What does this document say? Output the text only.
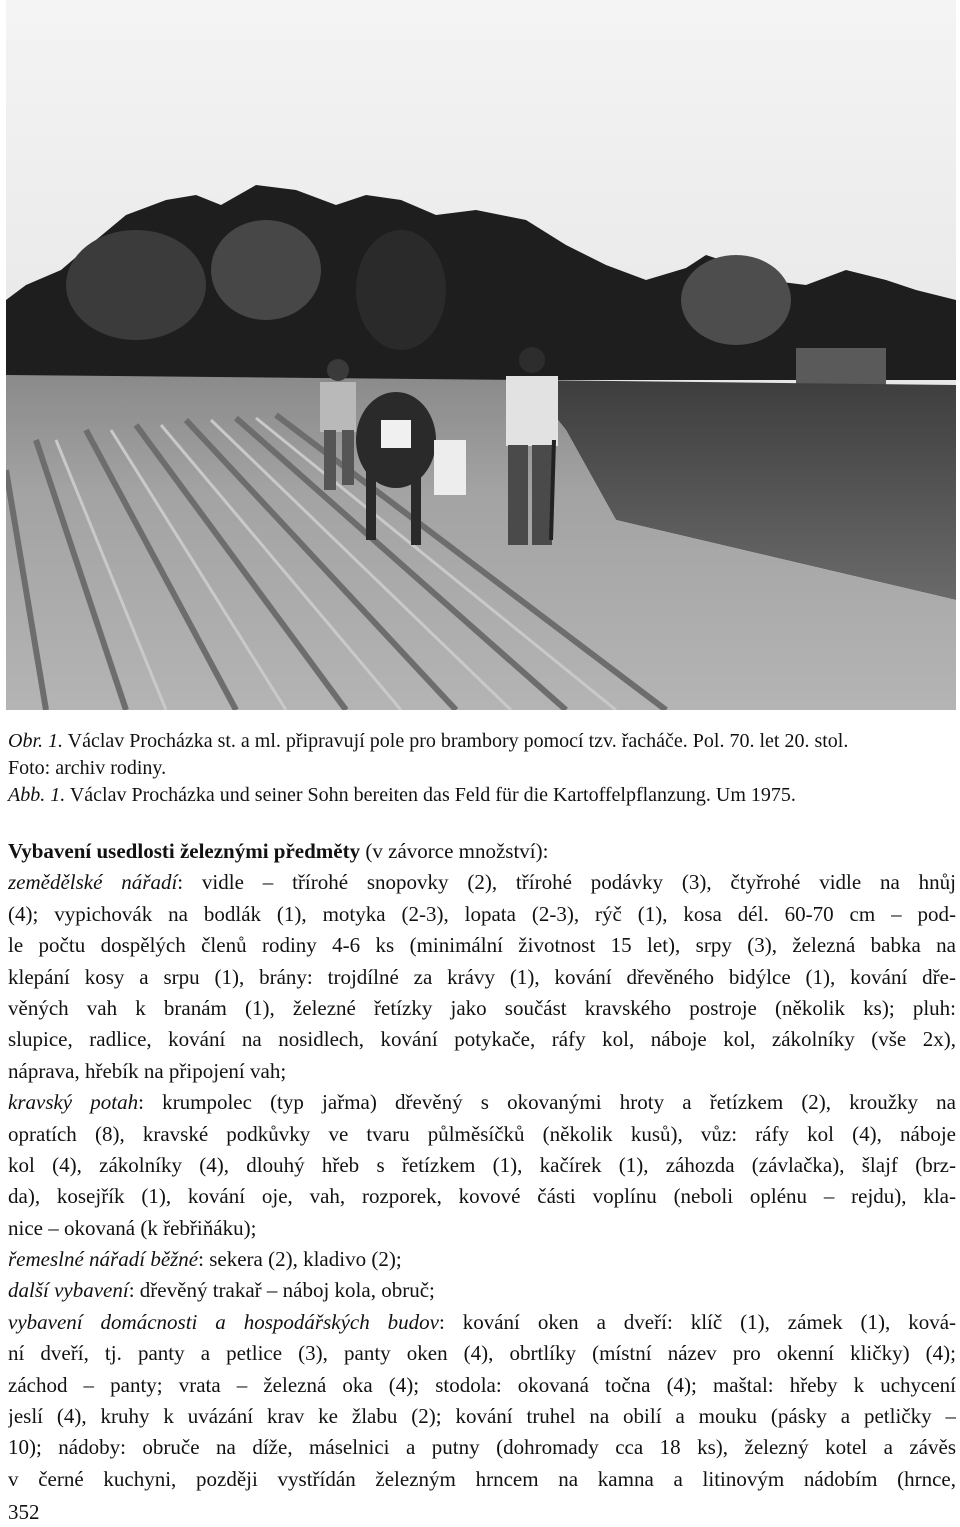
Obr. 1. Václav Procházka st. a ml. připravují pole pro brambory pomocí tzv. řacháče. Pol. 70. let 20. stol.
Foto: archiv rodiny.
Abb. 1. Václav Procházka und seiner Sohn bereiten das Feld für die Kartoffelpflanzung. Um 1975.
Vybavení usedlosti železnými předměty (v závorce množství):
zemědělské nářadí: vidle – třírohé snopovky (2), třírohé podávky (3), čtyřrohé vidle na hnůj
(4); vypichovák na bodlák (1), motyka (2-3), lopata (2-3), rýč (1), kosa dél. 60-70 cm – pod-
le počtu dospělých členů rodiny 4-6 ks (minimální životnost 15 let), srpy (3), železná babka na
klepání kosy a srpu (1), brány: trojdílné za krávy (1), kování dřevěného bidýlce (1), kování dře-
věných vah k branám (1), železné řetízky jako součást kravského postroje (několik ks); pluh:
slupice, radlice, kování na nosidlech, kování potykače, ráfy kol, náboje kol, zákolníky (vše 2x),
náprava, hřebík na připojení vah;
kravský potah: krumpolec (typ jařma) dřevěný s okovanými hroty a řetízkem (2), kroužky na
opratích (8), kravské podkůvky ve tvaru půlměsíčků (několik kusů), vůz: ráfy kol (4), náboje
kol (4), zákolníky (4), dlouhý hřeb s řetízkem (1), kačírek (1), záhozda (závlačka), šlajf (brz-
da), kosejřík (1), kování oje, vah, rozporek, kovové části voplínu (neboli oplénu – rejdu), kla-
nice – okovaná (k řebřiňáku);
řemeslné nářadí běžné: sekera (2), kladivo (2);
další vybavení: dřevěný trakař – náboj kola, obruč;
vybavení domácnosti a hospodářských budov: kování oken a dveří: klíč (1), zámek (1), ková-
ní dveří, tj. panty a petlice (3), panty oken (4), obrtlíky (místní název pro okenní kličky) (4);
záchod – panty; vrata – železná oka (4); stodola: okovaná točna (4); maštal: hřeby k uchycení
jeslí (4), kruhy k uvázání krav ke žlabu (2); kování truhel na obilí a mouku (pásky a petličky –
10); nádoby: obruče na díže, máselnici a putny (dohromady cca 18 ks), železný kotel a závěs
v černé kuchyni, později vystřídán železným hrncem na kamna a litinovým nádobím (hrnce,
352
